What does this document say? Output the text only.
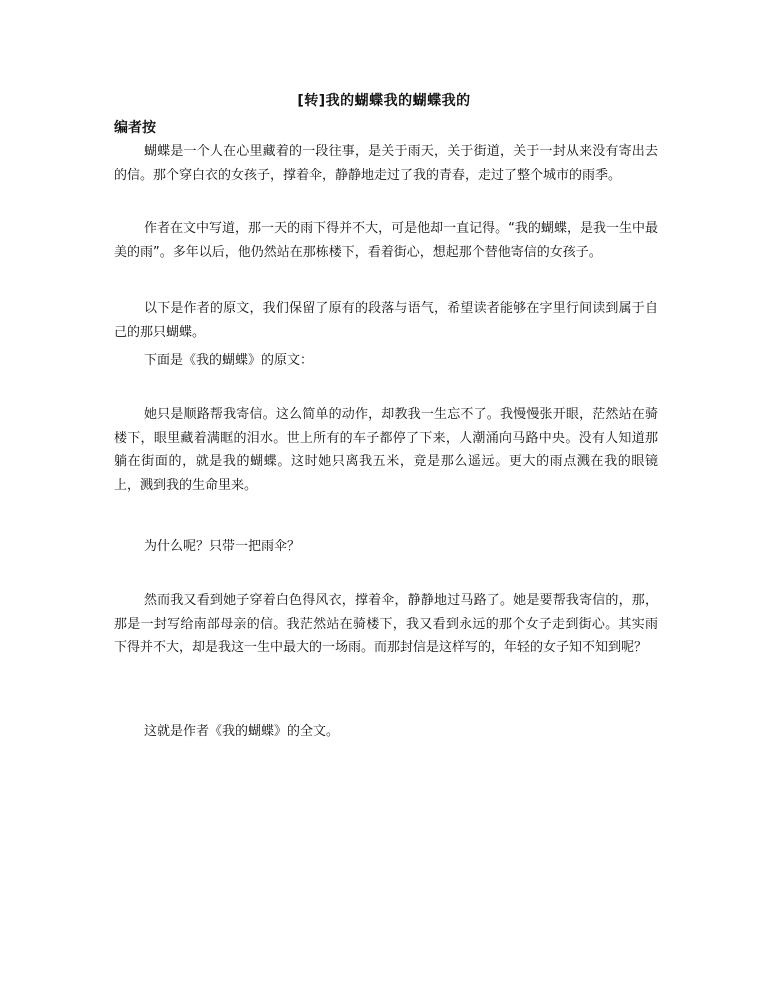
[转]我的蝴蝶我的蝴蝶我的
编者按

蝴蝶是一个人在心里藏着的一段往事，是关于雨天，关于街道，关于一封从来没有寄出去的信。那个穿白衣的女孩子，撑着伞，静静地走过了我的青春，走过了整个城市的雨季。

作者在文中写道，那一天的雨下得并不大，可是他却一直记得。“我的蝴蝶，是我一生中最美的雨”。多年以后，他仍然站在那栋楼下，看着街心，想起那个替他寄信的女孩子。

以下是作者的原文，我们保留了原有的段落与语气，希望读者能够在字里行间读到属于自己的那只蝴蝶。

下面是《我的蝴蝶》的原文：

她只是顺路帮我寄信。这么简单的动作，却教我一生忘不了。我慢慢张开眼，茫然站在骑楼下，眼里藏着满眶的泪水。世上所有的车子都停了下来，人潮涌向马路中央。没有人知道那躺在街面的，就是我的蝴蝶。这时她只离我五米，竟是那么遥远。更大的雨点溅在我的眼镜上，溅到我的生命里来。

为什么呢？只带一把雨伞？

然而我又看到她子穿着白色得风衣，撑着伞，静静地过马路了。她是要帮我寄信的，那，那是一封写给南部母亲的信。我茫然站在骑楼下，我又看到永远的那个女子走到街心。其实雨下得并不大，却是我这一生中最大的一场雨。而那封信是这样写的，年轻的女子知不知到呢？

这就是作者《我的蝴蝶》的全文。
